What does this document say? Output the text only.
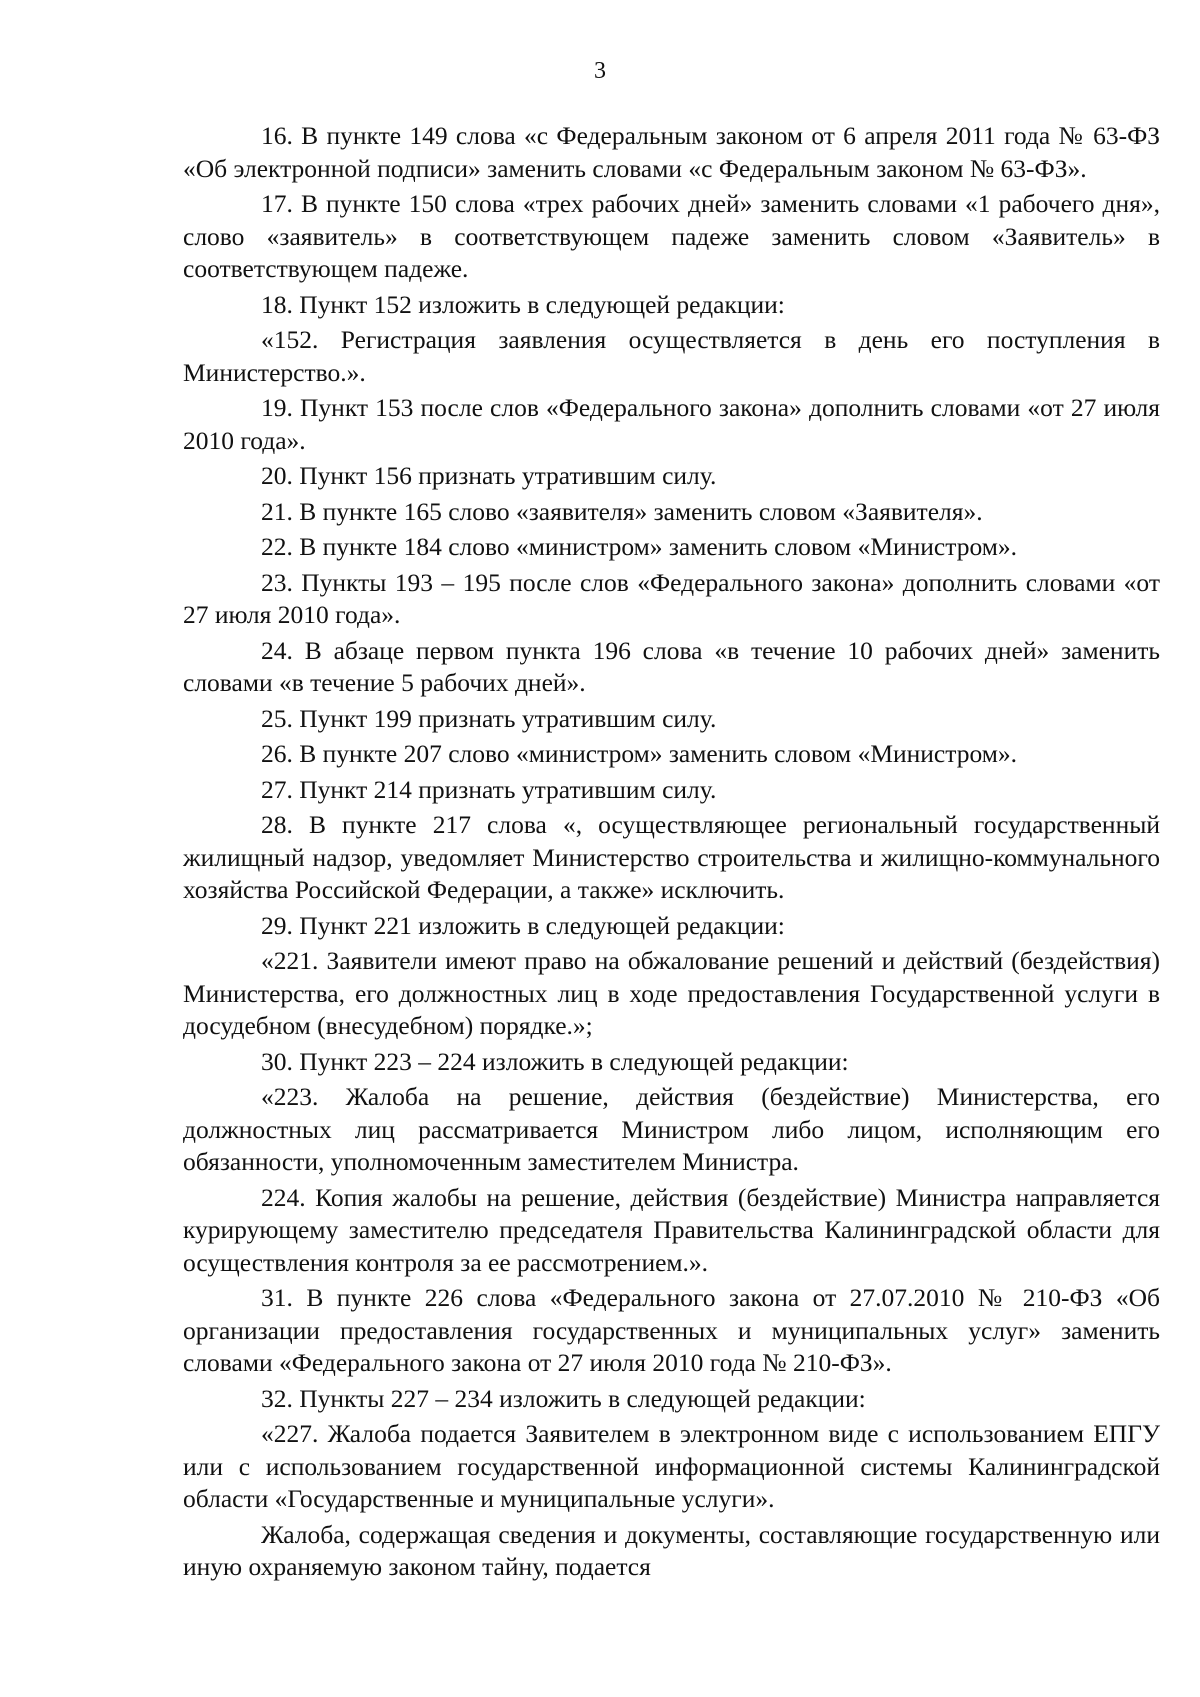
3

16. В пункте 149 слова «с Федеральным законом от 6 апреля 2011 года № 63-ФЗ «Об электронной подписи» заменить словами «с Федеральным законом № 63-ФЗ».

17. В пункте 150 слова «трех рабочих дней» заменить словами «1 рабочего дня», слово «заявитель» в соответствующем падеже заменить словом «Заявитель» в соответствующем падеже.

18. Пункт 152 изложить в следующей редакции:

«152. Регистрация заявления осуществляется в день его поступления в Министерство.».

19. Пункт 153 после слов «Федерального закона» дополнить словами «от 27 июля 2010 года».

20. Пункт 156 признать утратившим силу.

21. В пункте 165 слово «заявителя» заменить словом «Заявителя».

22. В пункте 184 слово «министром» заменить словом «Министром».

23. Пункты 193 – 195 после слов «Федерального закона» дополнить словами «от 27 июля 2010 года».

24. В абзаце первом пункта 196 слова «в течение 10 рабочих дней» заменить словами «в течение 5 рабочих дней».

25. Пункт 199 признать утратившим силу.

26. В пункте 207 слово «министром» заменить словом «Министром».

27. Пункт 214 признать утратившим силу.

28. В пункте 217 слова «, осуществляющее региональный государственный жилищный надзор, уведомляет Министерство строительства и жилищно-коммунального хозяйства Российской Федерации, а также» исключить.

29. Пункт 221 изложить в следующей редакции:

«221. Заявители имеют право на обжалование решений и действий (бездействия) Министерства, его должностных лиц в ходе предоставления Государственной услуги в досудебном (внесудебном) порядке.»;

30. Пункт 223 – 224 изложить в следующей редакции:

«223. Жалоба на решение, действия (бездействие) Министерства, его должностных лиц рассматривается Министром либо лицом, исполняющим его обязанности, уполномоченным заместителем Министра.

224. Копия жалобы на решение, действия (бездействие) Министра направляется курирующему заместителю председателя Правительства Калининградской области для осуществления контроля за ее рассмотрением.».

31. В пункте 226 слова «Федерального закона от 27.07.2010 № 210-ФЗ «Об организации предоставления государственных и муниципальных услуг» заменить словами «Федерального закона от 27 июля 2010 года № 210-ФЗ».

32. Пункты 227 – 234 изложить в следующей редакции:

«227. Жалоба подается Заявителем в электронном виде с использованием ЕПГУ или с использованием государственной информационной системы Калининградской области «Государственные и муниципальные услуги».

Жалоба, содержащая сведения и документы, составляющие государственную или иную охраняемую законом тайну, подается
